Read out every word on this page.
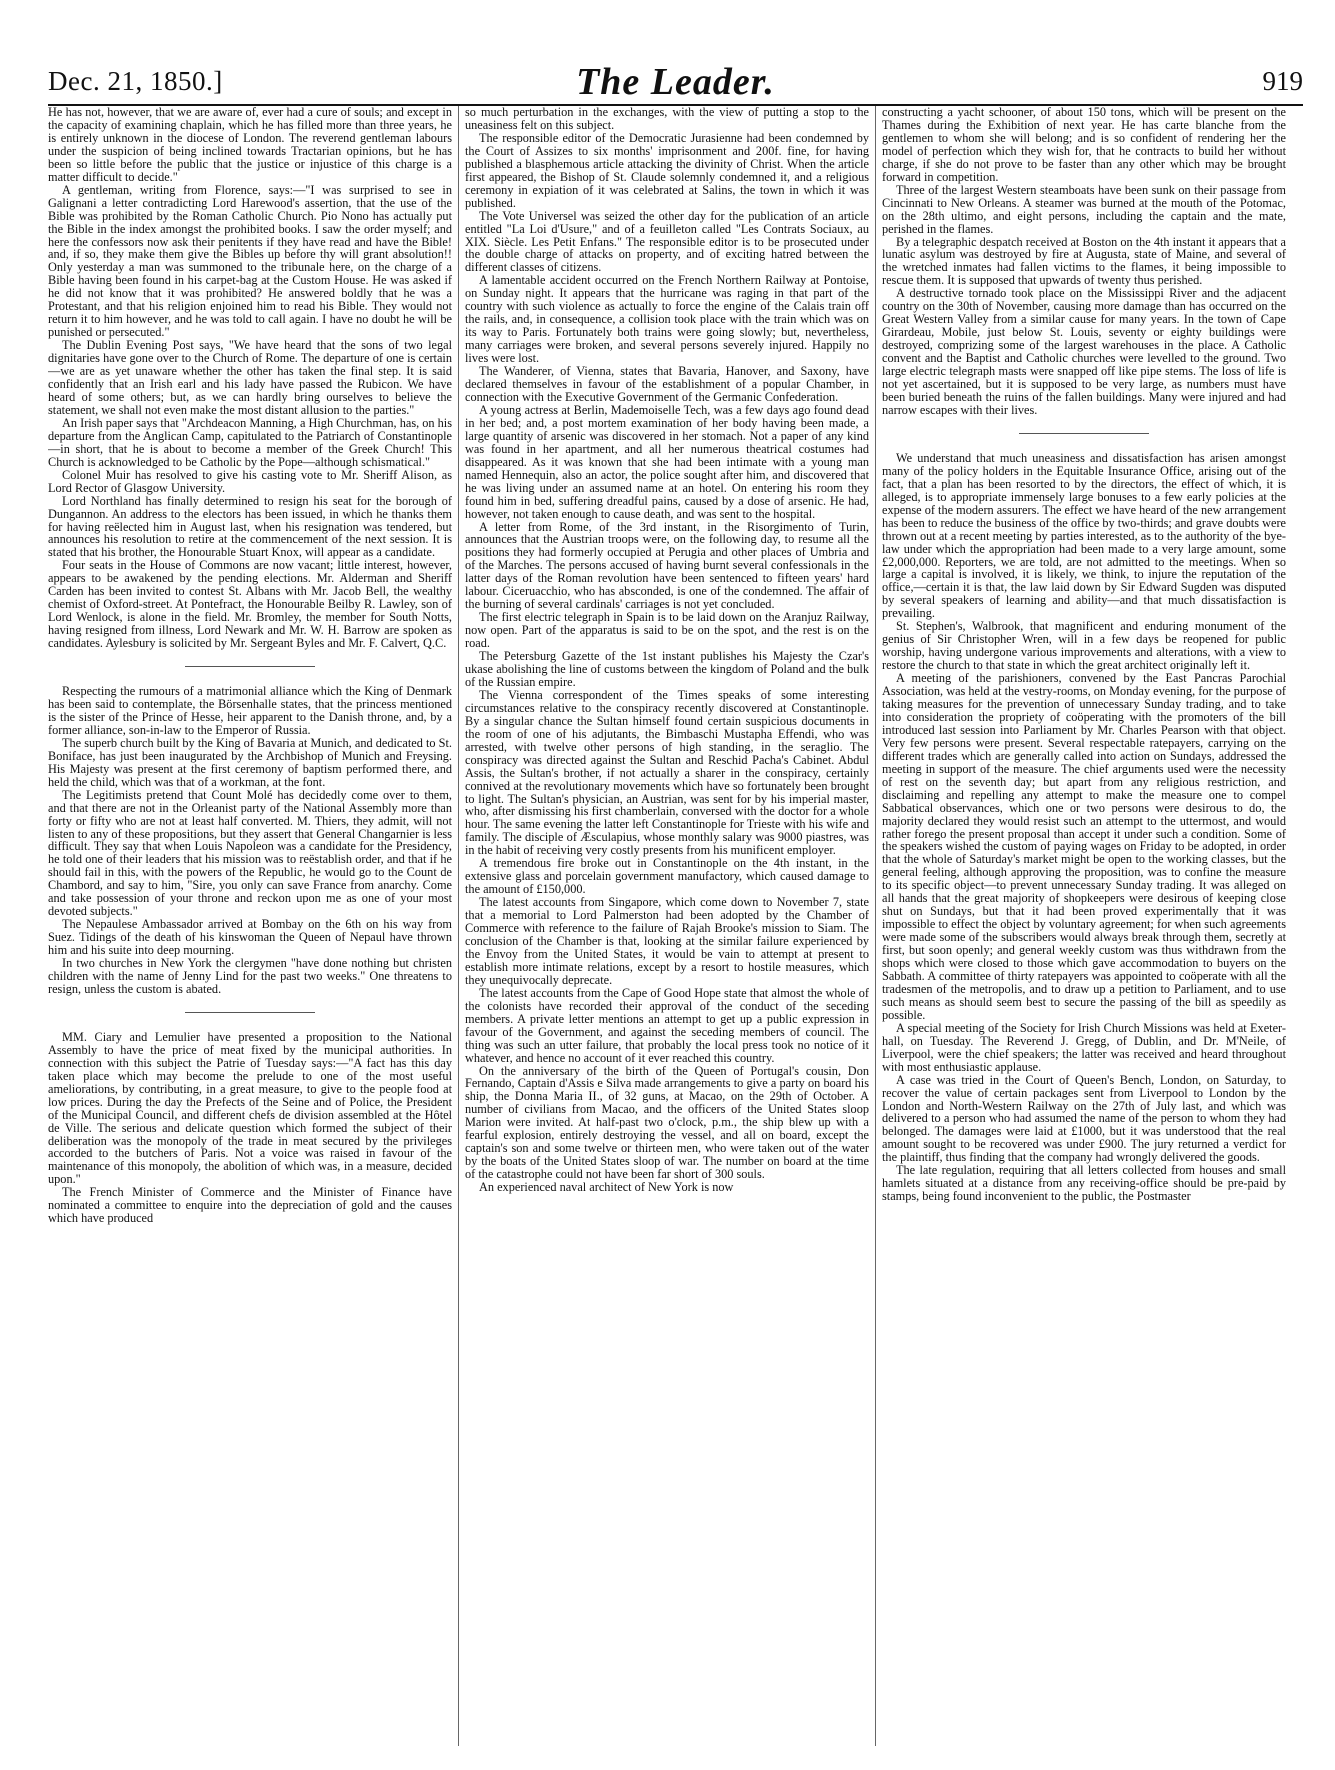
Dec. 21, 1850.]	The Leader.	919

He has not, however, that we are aware of, ever had a cure of souls; and except in the capacity of examining chaplain, which he has filled more than three years, he is entirely unknown in the diocese of London. The reverend gentleman labours under the suspicion of being inclined towards Tractarian opinions, but he has been so little before the public that the justice or injustice of this charge is a matter difficult to decide."

A gentleman, writing from Florence, says:—"I was surprised to see in Galignani a letter contradicting Lord Harewood's assertion, that the use of the Bible was prohibited by the Roman Catholic Church. Pio Nono has actually put the Bible in the index amongst the prohibited books. I saw the order myself; and here the confessors now ask their penitents if they have read and have the Bible! and, if so, they make them give the Bibles up before thy will grant absolution!! Only yesterday a man was summoned to the tribunale here, on the charge of a Bible having been found in his carpet-bag at the Custom House. He was asked if he did not know that it was prohibited? He answered boldly that he was a Protestant, and that his religion enjoined him to read his Bible. They would not return it to him however, and he was told to call again. I have no doubt he will be punished or persecuted."

The Dublin Evening Post says, "We have heard that the sons of two legal dignitaries have gone over to the Church of Rome. The departure of one is certain—we are as yet unaware whether the other has taken the final step. It is said confidently that an Irish earl and his lady have passed the Rubicon. We have heard of some others; but, as we can hardly bring ourselves to believe the statement, we shall not even make the most distant allusion to the parties."

An Irish paper says that "Archdeacon Manning, a High Churchman, has, on his departure from the Anglican Camp, capitulated to the Patriarch of Constantinople—in short, that he is about to become a member of the Greek Church! This Church is acknowledged to be Catholic by the Pope—although schismatical."

Colonel Muir has resolved to give his casting vote to Mr. Sheriff Alison, as Lord Rector of Glasgow University.

Lord Northland has finally determined to resign his seat for the borough of Dungannon. An address to the electors has been issued, in which he thanks them for having reëlected him in August last, when his resignation was tendered, but announces his resolution to retire at the commencement of the next session. It is stated that his brother, the Honourable Stuart Knox, will appear as a candidate.

Four seats in the House of Commons are now vacant; little interest, however, appears to be awakened by the pending elections. Mr. Alderman and Sheriff Carden has been invited to contest St. Albans with Mr. Jacob Bell, the wealthy chemist of Oxford-street. At Pontefract, the Honourable Beilby R. Lawley, son of Lord Wenlock, is alone in the field. Mr. Bromley, the member for South Notts, having resigned from illness, Lord Newark and Mr. W. H. Barrow are spoken as candidates. Aylesbury is solicited by Mr. Sergeant Byles and Mr. F. Calvert, Q.C.

Respecting the rumours of a matrimonial alliance which the King of Denmark has been said to contemplate, the Börsenhalle states, that the princess mentioned is the sister of the Prince of Hesse, heir apparent to the Danish throne, and, by a former alliance, son-in-law to the Emperor of Russia.

The superb church built by the King of Bavaria at Munich, and dedicated to St. Boniface, has just been inaugurated by the Archbishop of Munich and Freysing. His Majesty was present at the first ceremony of baptism performed there, and held the child, which was that of a workman, at the font.

The Legitimists pretend that Count Molé has decidedly come over to them, and that there are not in the Orleanist party of the National Assembly more than forty or fifty who are not at least half converted. M. Thiers, they admit, will not listen to any of these propositions, but they assert that General Changarnier is less difficult. They say that when Louis Napoleon was a candidate for the Presidency, he told one of their leaders that his mission was to reëstablish order, and that if he should fail in this, with the powers of the Republic, he would go to the Count de Chambord, and say to him, "Sire, you only can save France from anarchy. Come and take possession of your throne and reckon upon me as one of your most devoted subjects."

The Nepaulese Ambassador arrived at Bombay on the 6th on his way from Suez. Tidings of the death of his kinswoman the Queen of Nepaul have thrown him and his suite into deep mourning.

In two churches in New York the clergymen "have done nothing but christen children with the name of Jenny Lind for the past two weeks." One threatens to resign, unless the custom is abated.

MM. Ciary and Lemulier have presented a proposition to the National Assembly to have the price of meat fixed by the municipal authorities. In connection with this subject the Patrie of Tuesday says:—"A fact has this day taken place which may become the prelude to one of the most useful ameliorations, by contributing, in a great measure, to give to the people food at low prices. During the day the Prefects of the Seine and of Police, the President of the Municipal Council, and different chefs de division assembled at the Hôtel de Ville. The serious and delicate question which formed the subject of their deliberation was the monopoly of the trade in meat secured by the privileges accorded to the butchers of Paris. Not a voice was raised in favour of the maintenance of this monopoly, the abolition of which was, in a measure, decided upon."

The French Minister of Commerce and the Minister of Finance have nominated a committee to enquire into the depreciation of gold and the causes which have produced

so much perturbation in the exchanges, with the view of putting a stop to the uneasiness felt on this subject.

The responsible editor of the Democratic Jurasienne had been condemned by the Court of Assizes to six months' imprisonment and 200f. fine, for having published a blasphemous article attacking the divinity of Christ. When the article first appeared, the Bishop of St. Claude solemnly condemned it, and a religious ceremony in expiation of it was celebrated at Salins, the town in which it was published.

The Vote Universel was seized the other day for the publication of an article entitled "La Loi d'Usure," and of a feuilleton called "Les Contrats Sociaux, au XIX. Siècle. Les Petit Enfans." The responsible editor is to be prosecuted under the double charge of attacks on property, and of exciting hatred between the different classes of citizens.

A lamentable accident occurred on the French Northern Railway at Pontoise, on Sunday night. It appears that the hurricane was raging in that part of the country with such violence as actually to force the engine of the Calais train off the rails, and, in consequence, a collision took place with the train which was on its way to Paris. Fortunately both trains were going slowly; but, nevertheless, many carriages were broken, and several persons severely injured. Happily no lives were lost.

The Wanderer, of Vienna, states that Bavaria, Hanover, and Saxony, have declared themselves in favour of the establishment of a popular Chamber, in connection with the Executive Government of the Germanic Confederation.

A young actress at Berlin, Mademoiselle Tech, was a few days ago found dead in her bed; and, a post mortem examination of her body having been made, a large quantity of arsenic was discovered in her stomach. Not a paper of any kind was found in her apartment, and all her numerous theatrical costumes had disappeared. As it was known that she had been intimate with a young man named Hennequin, also an actor, the police sought after him, and discovered that he was living under an assumed name at an hotel. On entering his room they found him in bed, suffering dreadful pains, caused by a dose of arsenic. He had, however, not taken enough to cause death, and was sent to the hospital.

A letter from Rome, of the 3rd instant, in the Risorgimento of Turin, announces that the Austrian troops were, on the following day, to resume all the positions they had formerly occupied at Perugia and other places of Umbria and of the Marches. The persons accused of having burnt several confessionals in the latter days of the Roman revolution have been sentenced to fifteen years' hard labour. Ciceruacchio, who has absconded, is one of the condemned. The affair of the burning of several cardinals' carriages is not yet concluded.

The first electric telegraph in Spain is to be laid down on the Aranjuz Railway, now open. Part of the apparatus is said to be on the spot, and the rest is on the road.

The Petersburg Gazette of the 1st instant publishes his Majesty the Czar's ukase abolishing the line of customs between the kingdom of Poland and the bulk of the Russian empire.

The Vienna correspondent of the Times speaks of some interesting circumstances relative to the conspiracy recently discovered at Constantinople. By a singular chance the Sultan himself found certain suspicious documents in the room of one of his adjutants, the Bimbaschi Mustapha Effendi, who was arrested, with twelve other persons of high standing, in the seraglio. The conspiracy was directed against the Sultan and Reschid Pacha's Cabinet. Abdul Assis, the Sultan's brother, if not actually a sharer in the conspiracy, certainly connived at the revolutionary movements which have so fortunately been brought to light. The Sultan's physician, an Austrian, was sent for by his imperial master, who, after dismissing his first chamberlain, conversed with the doctor for a whole hour. The same evening the latter left Constantinople for Trieste with his wife and family. The disciple of Æsculapius, whose monthly salary was 9000 piastres, was in the habit of receiving very costly presents from his munificent employer.

A tremendous fire broke out in Constantinople on the 4th instant, in the extensive glass and porcelain government manufactory, which caused damage to the amount of £150,000.

The latest accounts from Singapore, which come down to November 7, state that a memorial to Lord Palmerston had been adopted by the Chamber of Commerce with reference to the failure of Rajah Brooke's mission to Siam. The conclusion of the Chamber is that, looking at the similar failure experienced by the Envoy from the United States, it would be vain to attempt at present to establish more intimate relations, except by a resort to hostile measures, which they unequivocally deprecate.

The latest accounts from the Cape of Good Hope state that almost the whole of the colonists have recorded their approval of the conduct of the seceding members. A private letter mentions an attempt to get up a public expression in favour of the Government, and against the seceding members of council. The thing was such an utter failure, that probably the local press took no notice of it whatever, and hence no account of it ever reached this country.

On the anniversary of the birth of the Queen of Portugal's cousin, Don Fernando, Captain d'Assis e Silva made arrangements to give a party on board his ship, the Donna Maria II., of 32 guns, at Macao, on the 29th of October. A number of civilians from Macao, and the officers of the United States sloop Marion were invited. At half-past two o'clock, p.m., the ship blew up with a fearful explosion, entirely destroying the vessel, and all on board, except the captain's son and some twelve or thirteen men, who were taken out of the water by the boats of the United States sloop of war. The number on board at the time of the catastrophe could not have been far short of 300 souls.

An experienced naval architect of New York is now

constructing a yacht schooner, of about 150 tons, which will be present on the Thames during the Exhibition of next year. He has carte blanche from the gentlemen to whom she will belong; and is so confident of rendering her the model of perfection which they wish for, that he contracts to build her without charge, if she do not prove to be faster than any other which may be brought forward in competition.

Three of the largest Western steamboats have been sunk on their passage from Cincinnati to New Orleans. A steamer was burned at the mouth of the Potomac, on the 28th ultimo, and eight persons, including the captain and the mate, perished in the flames.

By a telegraphic despatch received at Boston on the 4th instant it appears that a lunatic asylum was destroyed by fire at Augusta, state of Maine, and several of the wretched inmates had fallen victims to the flames, it being impossible to rescue them. It is supposed that upwards of twenty thus perished.

A destructive tornado took place on the Mississippi River and the adjacent country on the 30th of November, causing more damage than has occurred on the Great Western Valley from a similar cause for many years. In the town of Cape Girardeau, Mobile, just below St. Louis, seventy or eighty buildings were destroyed, comprizing some of the largest warehouses in the place. A Catholic convent and the Baptist and Catholic churches were levelled to the ground. Two large electric telegraph masts were snapped off like pipe stems. The loss of life is not yet ascertained, but it is supposed to be very large, as numbers must have been buried beneath the ruins of the fallen buildings. Many were injured and had narrow escapes with their lives.

We understand that much uneasiness and dissatisfaction has arisen amongst many of the policy holders in the Equitable Insurance Office, arising out of the fact, that a plan has been resorted to by the directors, the effect of which, it is alleged, is to appropriate immensely large bonuses to a few early policies at the expense of the modern assurers. The effect we have heard of the new arrangement has been to reduce the business of the office by two-thirds; and grave doubts were thrown out at a recent meeting by parties interested, as to the authority of the bye-law under which the appropriation had been made to a very large amount, some £2,000,000. Reporters, we are told, are not admitted to the meetings. When so large a capital is involved, it is likely, we think, to injure the reputation of the office,—certain it is that, the law laid down by Sir Edward Sugden was disputed by several speakers of learning and ability—and that much dissatisfaction is prevailing.

St. Stephen's, Walbrook, that magnificent and enduring monument of the genius of Sir Christopher Wren, will in a few days be reopened for public worship, having undergone various improvements and alterations, with a view to restore the church to that state in which the great architect originally left it.

A meeting of the parishioners, convened by the East Pancras Parochial Association, was held at the vestry-rooms, on Monday evening, for the purpose of taking measures for the prevention of unnecessary Sunday trading, and to take into consideration the propriety of coöperating with the promoters of the bill introduced last session into Parliament by Mr. Charles Pearson with that object. Very few persons were present. Several respectable ratepayers, carrying on the different trades which are generally called into action on Sundays, addressed the meeting in support of the measure. The chief arguments used were the necessity of rest on the seventh day; but apart from any religious restriction, and disclaiming and repelling any attempt to make the measure one to compel Sabbatical observances, which one or two persons were desirous to do, the majority declared they would resist such an attempt to the uttermost, and would rather forego the present proposal than accept it under such a condition. Some of the speakers wished the custom of paying wages on Friday to be adopted, in order that the whole of Saturday's market might be open to the working classes, but the general feeling, although approving the proposition, was to confine the measure to its specific object—to prevent unnecessary Sunday trading. It was alleged on all hands that the great majority of shopkeepers were desirous of keeping close shut on Sundays, but that it had been proved experimentally that it was impossible to effect the object by voluntary agreement; for when such agreements were made some of the subscribers would always break through them, secretly at first, but soon openly; and general weekly custom was thus withdrawn from the shops which were closed to those which gave accommodation to buyers on the Sabbath. A committee of thirty ratepayers was appointed to coöperate with all the tradesmen of the metropolis, and to draw up a petition to Parliament, and to use such means as should seem best to secure the passing of the bill as speedily as possible.

A special meeting of the Society for Irish Church Missions was held at Exeter-hall, on Tuesday. The Reverend J. Gregg, of Dublin, and Dr. M'Neile, of Liverpool, were the chief speakers; the latter was received and heard throughout with most enthusiastic applause.

A case was tried in the Court of Queen's Bench, London, on Saturday, to recover the value of certain packages sent from Liverpool to London by the London and North-Western Railway on the 27th of July last, and which was delivered to a person who had assumed the name of the person to whom they had belonged. The damages were laid at £1000, but it was understood that the real amount sought to be recovered was under £900. The jury returned a verdict for the plaintiff, thus finding that the company had wrongly delivered the goods.

The late regulation, requiring that all letters collected from houses and small hamlets situated at a distance from any receiving-office should be pre-paid by stamps, being found inconvenient to the public, the Postmaster
